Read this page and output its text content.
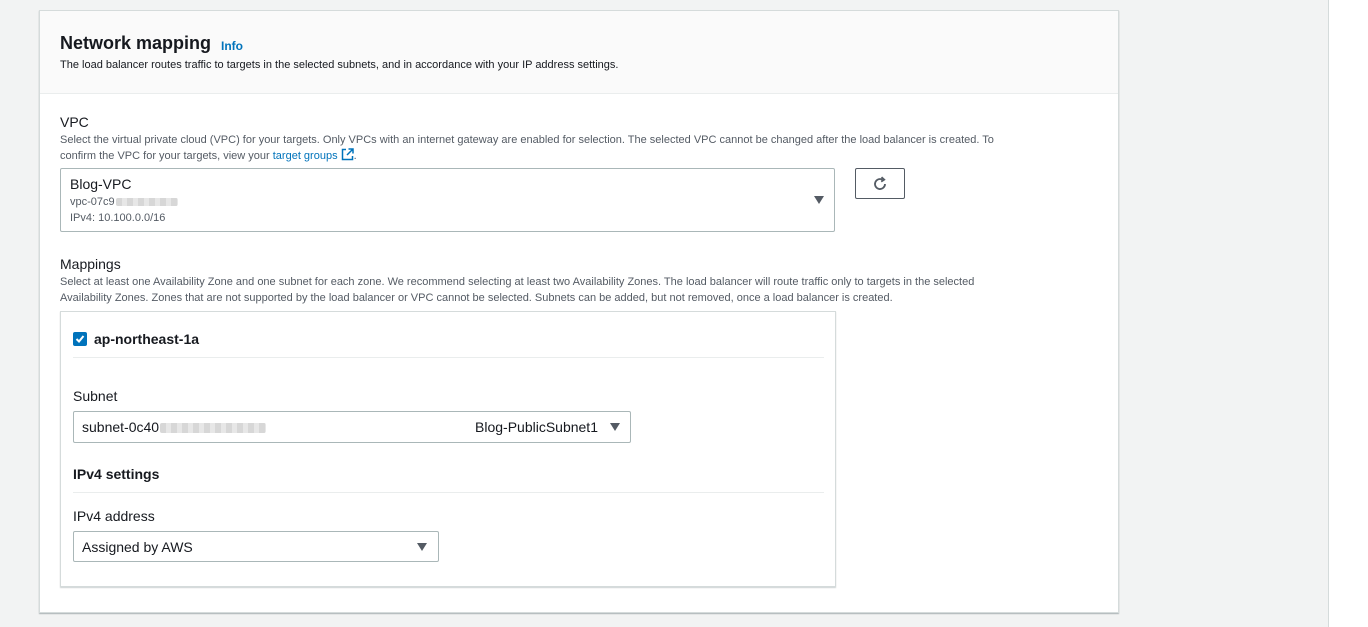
Network mapping Info
The load balancer routes traffic to targets in the selected subnets, and in accordance with your IP address settings.
VPC
Select the virtual private cloud (VPC) for your targets. Only VPCs with an internet gateway are enabled for selection. The selected VPC cannot be changed after the load balancer is created. To
confirm the VPC for your targets, view your target groups .
Blog-VPC
vpc-07c9
IPv4: 10.100.0.0/16
Mappings
Select at least one Availability Zone and one subnet for each zone. We recommend selecting at least two Availability Zones. The load balancer will route traffic only to targets in the selected
Availability Zones. Zones that are not supported by the load balancer or VPC cannot be selected. Subnets can be added, but not removed, once a load balancer is created.
ap-northeast-1a
Subnet
subnet-0c40	Blog-PublicSubnet1
IPv4 settings
IPv4 address
Assigned by AWS
